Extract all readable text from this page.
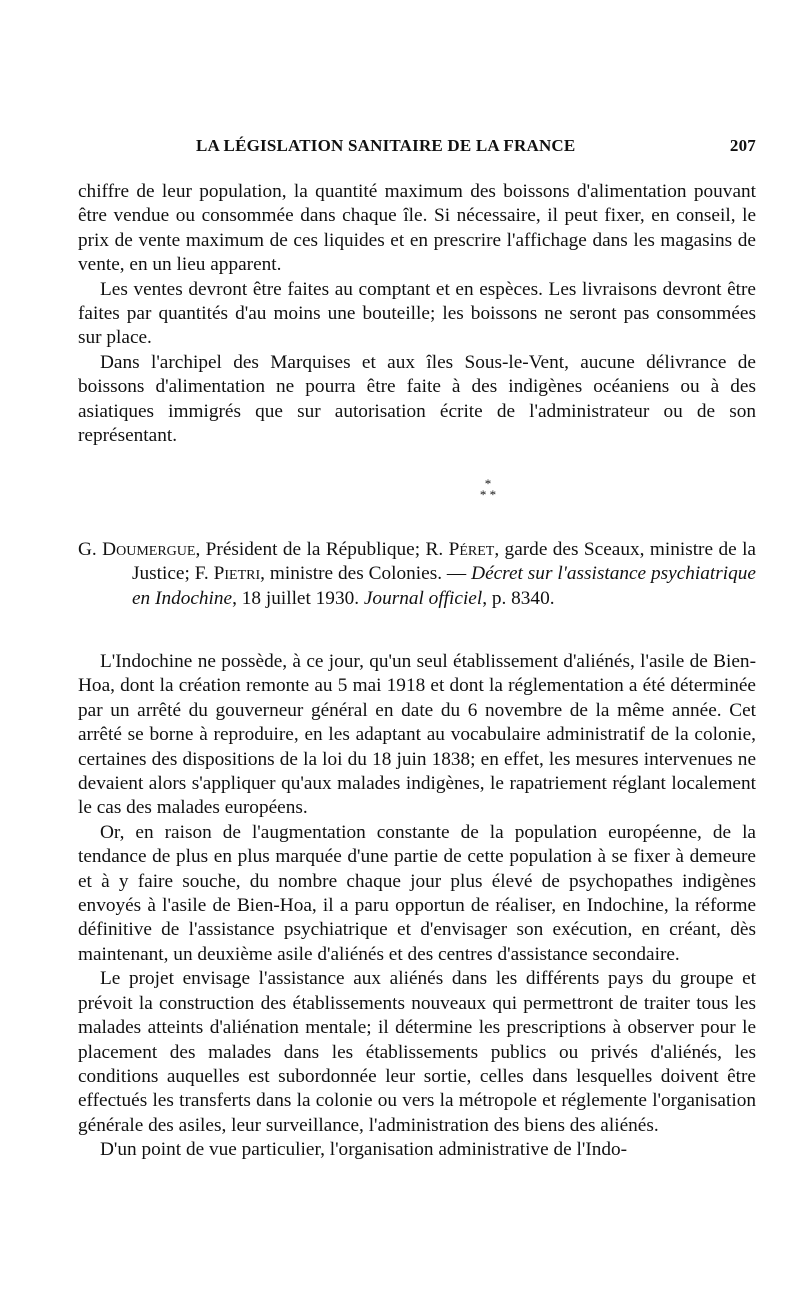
LA LÉGISLATION SANITAIRE DE LA FRANCE	207

chiffre de leur population, la quantité maximum des boissons d'alimentation pouvant être vendue ou consommée dans chaque île. Si nécessaire, il peut fixer, en conseil, le prix de vente maximum de ces liquides et en prescrire l'affichage dans les magasins de vente, en un lieu apparent.

Les ventes devront être faites au comptant et en espèces. Les livraisons devront être faites par quantités d'au moins une bouteille; les boissons ne seront pas consommées sur place.

Dans l'archipel des Marquises et aux îles Sous-le-Vent, aucune délivrance de boissons d'alimentation ne pourra être faite à des indigènes océaniens ou à des asiatiques immigrés que sur autorisation écrite de l'administrateur ou de son représentant.

*
* *

G. Doumergue, Président de la République; R. Péret, garde des Sceaux, ministre de la Justice; F. Pietri, ministre des Colonies. — Décret sur l'assistance psychiatrique en Indochine, 18 juillet 1930. Journal officiel, p. 8340.

L'Indochine ne possède, à ce jour, qu'un seul établissement d'aliénés, l'asile de Bien-Hoa, dont la création remonte au 5 mai 1918 et dont la réglementation a été déterminée par un arrêté du gouverneur général en date du 6 novembre de la même année. Cet arrêté se borne à reproduire, en les adaptant au vocabulaire administratif de la colonie, certaines des dispositions de la loi du 18 juin 1838; en effet, les mesures intervenues ne devaient alors s'appliquer qu'aux malades indigènes, le rapatriement réglant localement le cas des malades européens.

Or, en raison de l'augmentation constante de la population européenne, de la tendance de plus en plus marquée d'une partie de cette population à se fixer à demeure et à y faire souche, du nombre chaque jour plus élevé de psychopathes indigènes envoyés à l'asile de Bien-Hoa, il a paru opportun de réaliser, en Indochine, la réforme définitive de l'assistance psychiatrique et d'envisager son exécution, en créant, dès maintenant, un deuxième asile d'aliénés et des centres d'assistance secondaire.

Le projet envisage l'assistance aux aliénés dans les différents pays du groupe et prévoit la construction des établissements nouveaux qui permettront de traiter tous les malades atteints d'aliénation mentale; il détermine les prescriptions à observer pour le placement des malades dans les établissements publics ou privés d'aliénés, les conditions auquelles est subordonnée leur sortie, celles dans lesquelles doivent être effectués les transferts dans la colonie ou vers la métropole et réglemente l'organisation générale des asiles, leur surveillance, l'administration des biens des aliénés.

D'un point de vue particulier, l'organisation administrative de l'Indo-
